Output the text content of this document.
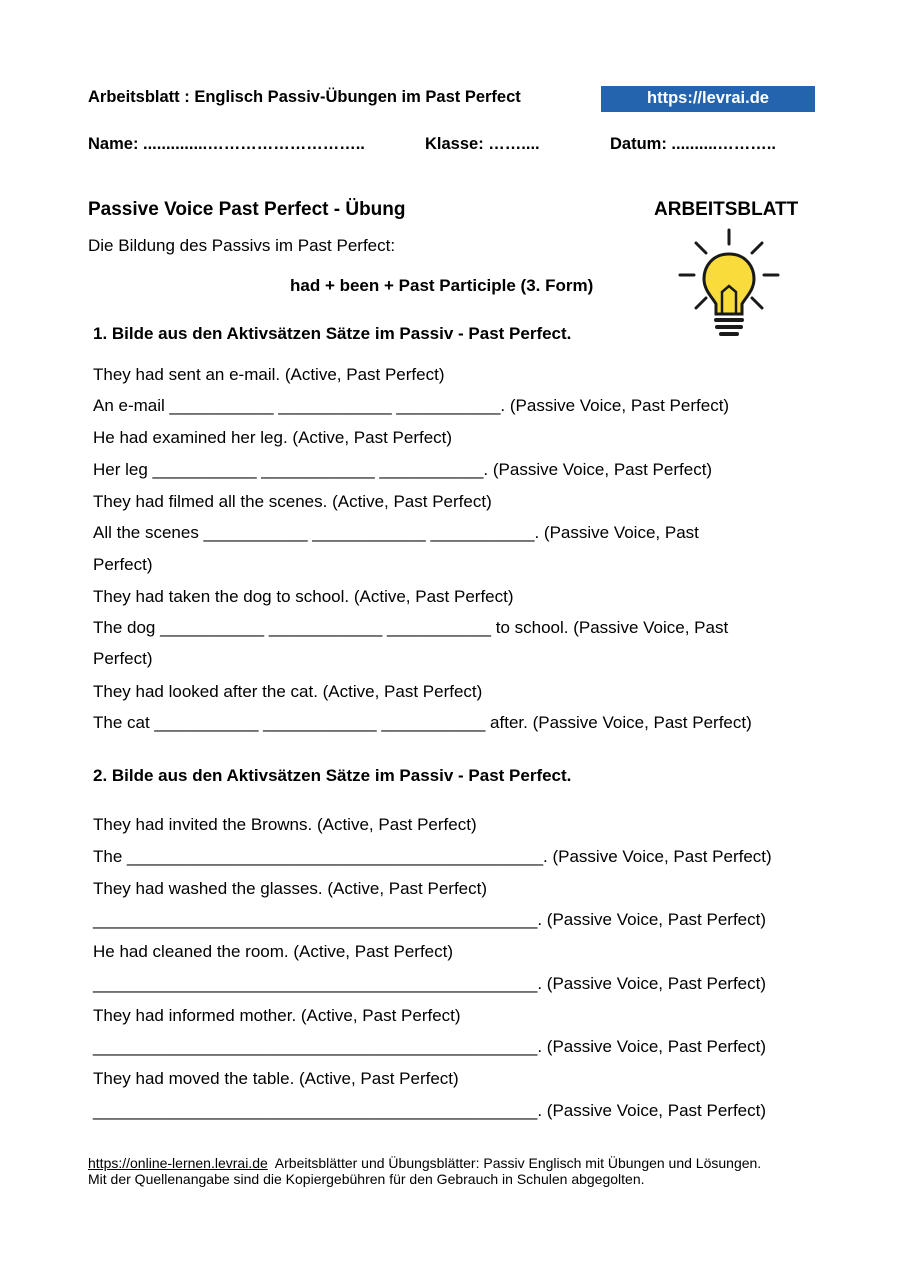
Arbeitsblatt : Englisch Passiv-Übungen im Past Perfect	https://levrai.de
Name: ..............………………………..	Klasse: ……....	Datum: ..........………..
Passive Voice Past Perfect - Übung	ARBEITSBLATT
Die Bildung des Passivs im Past Perfect:
had + been + Past Participle (3. Form)
1. Bilde aus den Aktivsätzen Sätze im Passiv - Past Perfect.
They had sent an e-mail. (Active, Past Perfect)
An e-mail ___________ ____________ ___________. (Passive Voice, Past Perfect)
He had examined her leg. (Active, Past Perfect)
Her leg ___________ ____________ ___________. (Passive Voice, Past Perfect)
They had filmed all the scenes. (Active, Past Perfect)
All the scenes ___________ ____________ ___________. (Passive Voice, Past
Perfect)
They had taken the dog to school. (Active, Past Perfect)
The dog ___________ ____________ ___________ to school. (Passive Voice, Past
Perfect)
They had looked after the cat. (Active, Past Perfect)
The cat ___________ ____________ ___________ after. (Passive Voice, Past Perfect)
2. Bilde aus den Aktivsätzen Sätze im Passiv - Past Perfect.
They had invited the Browns. (Active, Past Perfect)
The ____________________________________________. (Passive Voice, Past Perfect)
They had washed the glasses. (Active, Past Perfect)
_______________________________________________. (Passive Voice, Past Perfect)
He had cleaned the room. (Active, Past Perfect)
_______________________________________________. (Passive Voice, Past Perfect)
They had informed mother. (Active, Past Perfect)
_______________________________________________. (Passive Voice, Past Perfect)
They had moved the table. (Active, Past Perfect)
_______________________________________________. (Passive Voice, Past Perfect)
https://online-lernen.levrai.de Arbeitsblätter und Übungsblätter: Passiv Englisch mit Übungen und Lösungen.
Mit der Quellenangabe sind die Kopiergebühren für den Gebrauch in Schulen abgegolten.
